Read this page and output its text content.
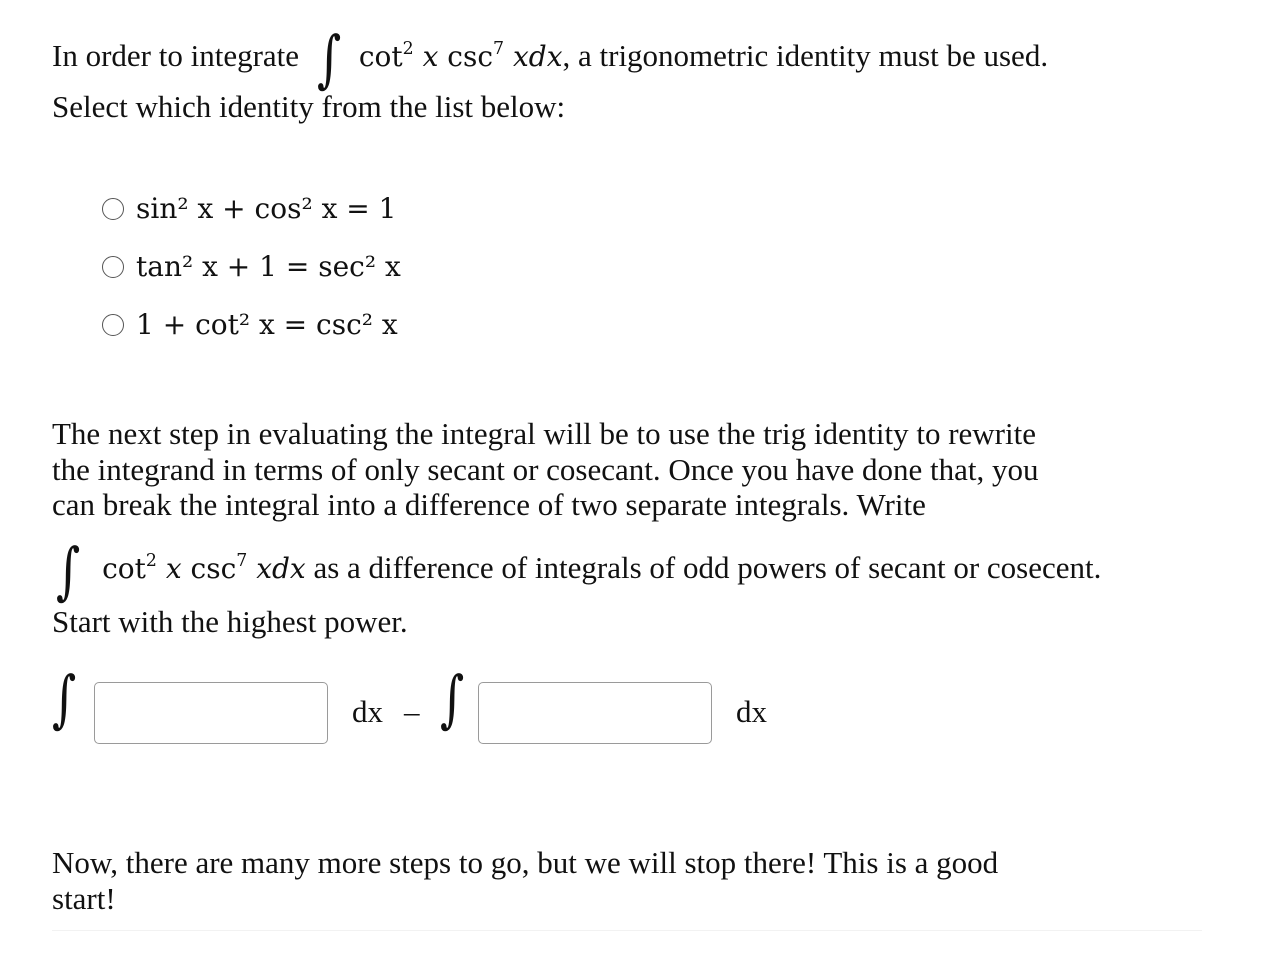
In order to integrate ∫ $\cot^2 x$ $\csc^7$ xdx, a trigonometric identity must be used.
Select which identity from the list below:
sin² x + cos² x = 1
tan² x + 1 = sec² x
1 + cot² x = csc² x
The next step in evaluating the integral will be to use the trig identity to rewrite
the integrand in terms of only secant or cosecant. Once you have done that, you
can break the integral into a difference of two separate integrals. Write
∫ $\cot^2 x$ $\csc^7$ xdx as a difference of integrals of odd powers of secant or cosecent.
Start with the highest power.
∫	dx – ∫	dx
Now, there are many more steps to go, but we will stop there! This is a good
start!
